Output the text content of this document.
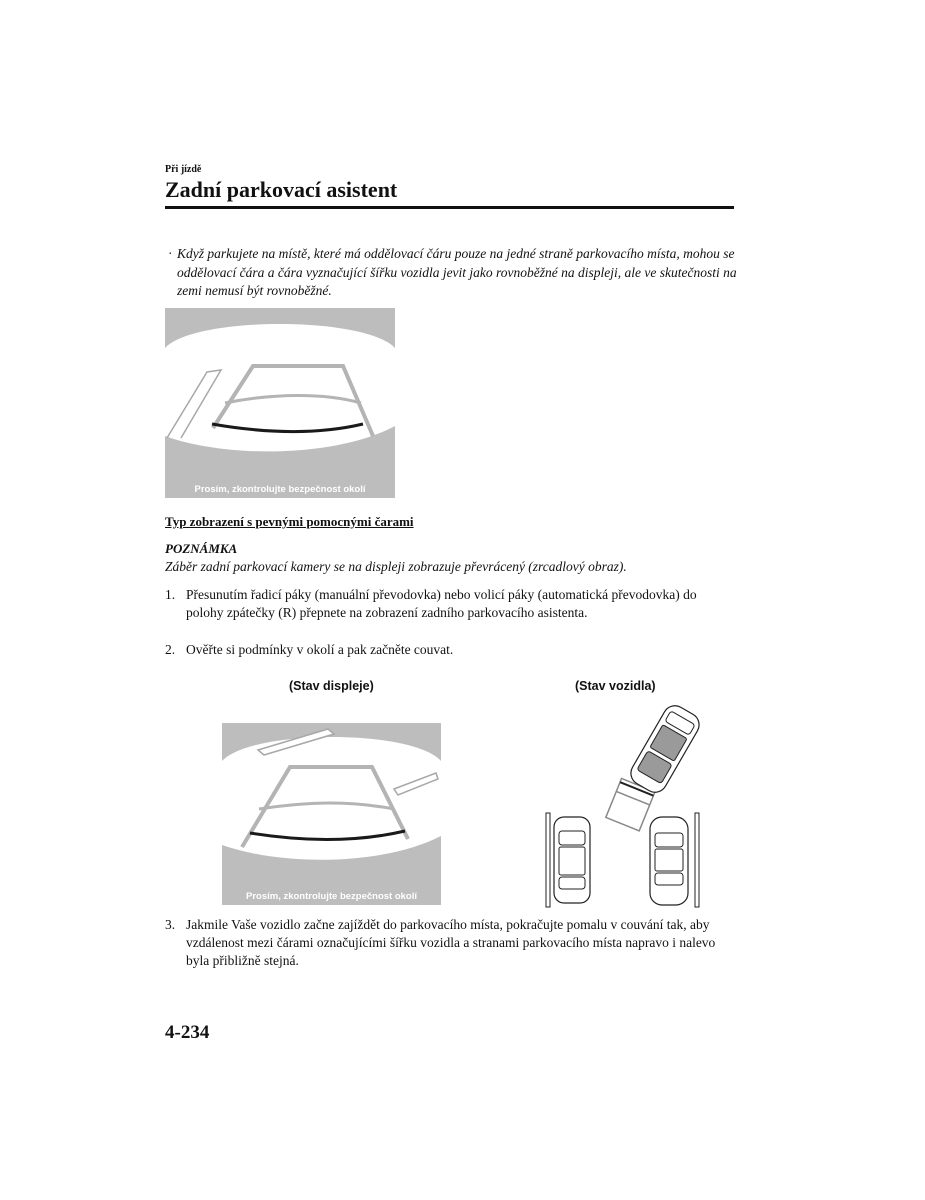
Při jízdě
Zadní parkovací asistent
· Když parkujete na místě, které má oddělovací čáru pouze na jedné straně parkovacího místa, mohou se oddělovací čára a čára vyznačující šířku vozidla jevit jako rovnoběžné na displeji, ale ve skutečnosti na zemi nemusí být rovnoběžné.
Prosím, zkontrolujte bezpečnost okolí
Typ zobrazení s pevnými pomocnými čarami
POZNÁMKA
Záběr zadní parkovací kamery se na displeji zobrazuje převrácený (zrcadlový obraz).
1. Přesunutím řadicí páky (manuální převodovka) nebo volicí páky (automatická převodovka) do polohy zpátečky (R) přepnete na zobrazení zadního parkovacího asistenta.
2. Ověřte si podmínky v okolí a pak začněte couvat.
(Stav displeje)	(Stav vozidla)
Prosím, zkontrolujte bezpečnost okolí
3. Jakmile Vaše vozidlo začne zajíždět do parkovacího místa, pokračujte pomalu v couvání tak, aby vzdálenost mezi čárami označujícími šířku vozidla a stranami parkovacího místa napravo i nalevo byla přibližně stejná.
4-234
